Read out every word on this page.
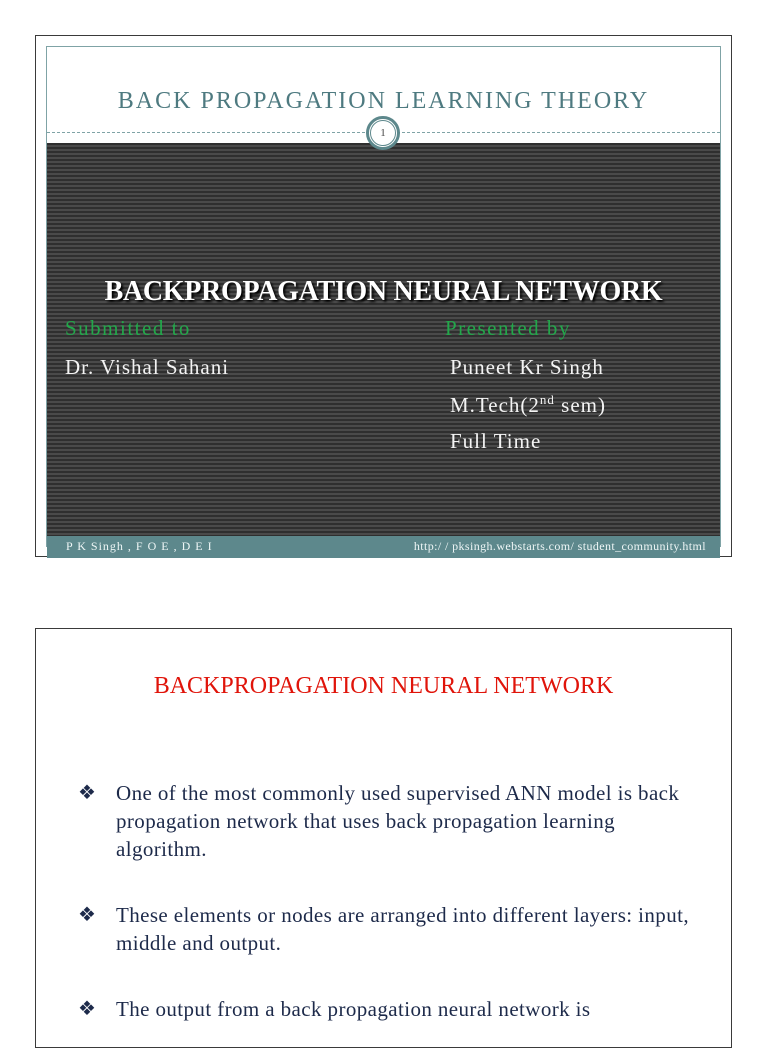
BACK PROPAGATION LEARNING THEORY
BACKPROPAGATION NEURAL NETWORK
Submitted to
Dr. Vishal Sahani
Presented by
Puneet Kr Singh
M.Tech(2nd sem)
Full Time
1
P K Singh , F O E , D E I	http:/ / pksingh.webstarts.com/ student_community.html
BACKPROPAGATION NEURAL NETWORK
❖ One of the most commonly used supervised ANN model is back propagation network that uses back propagation learning algorithm.
❖ These elements or nodes are arranged into different layers: input, middle and output.
❖ The output from a back propagation neural network is
